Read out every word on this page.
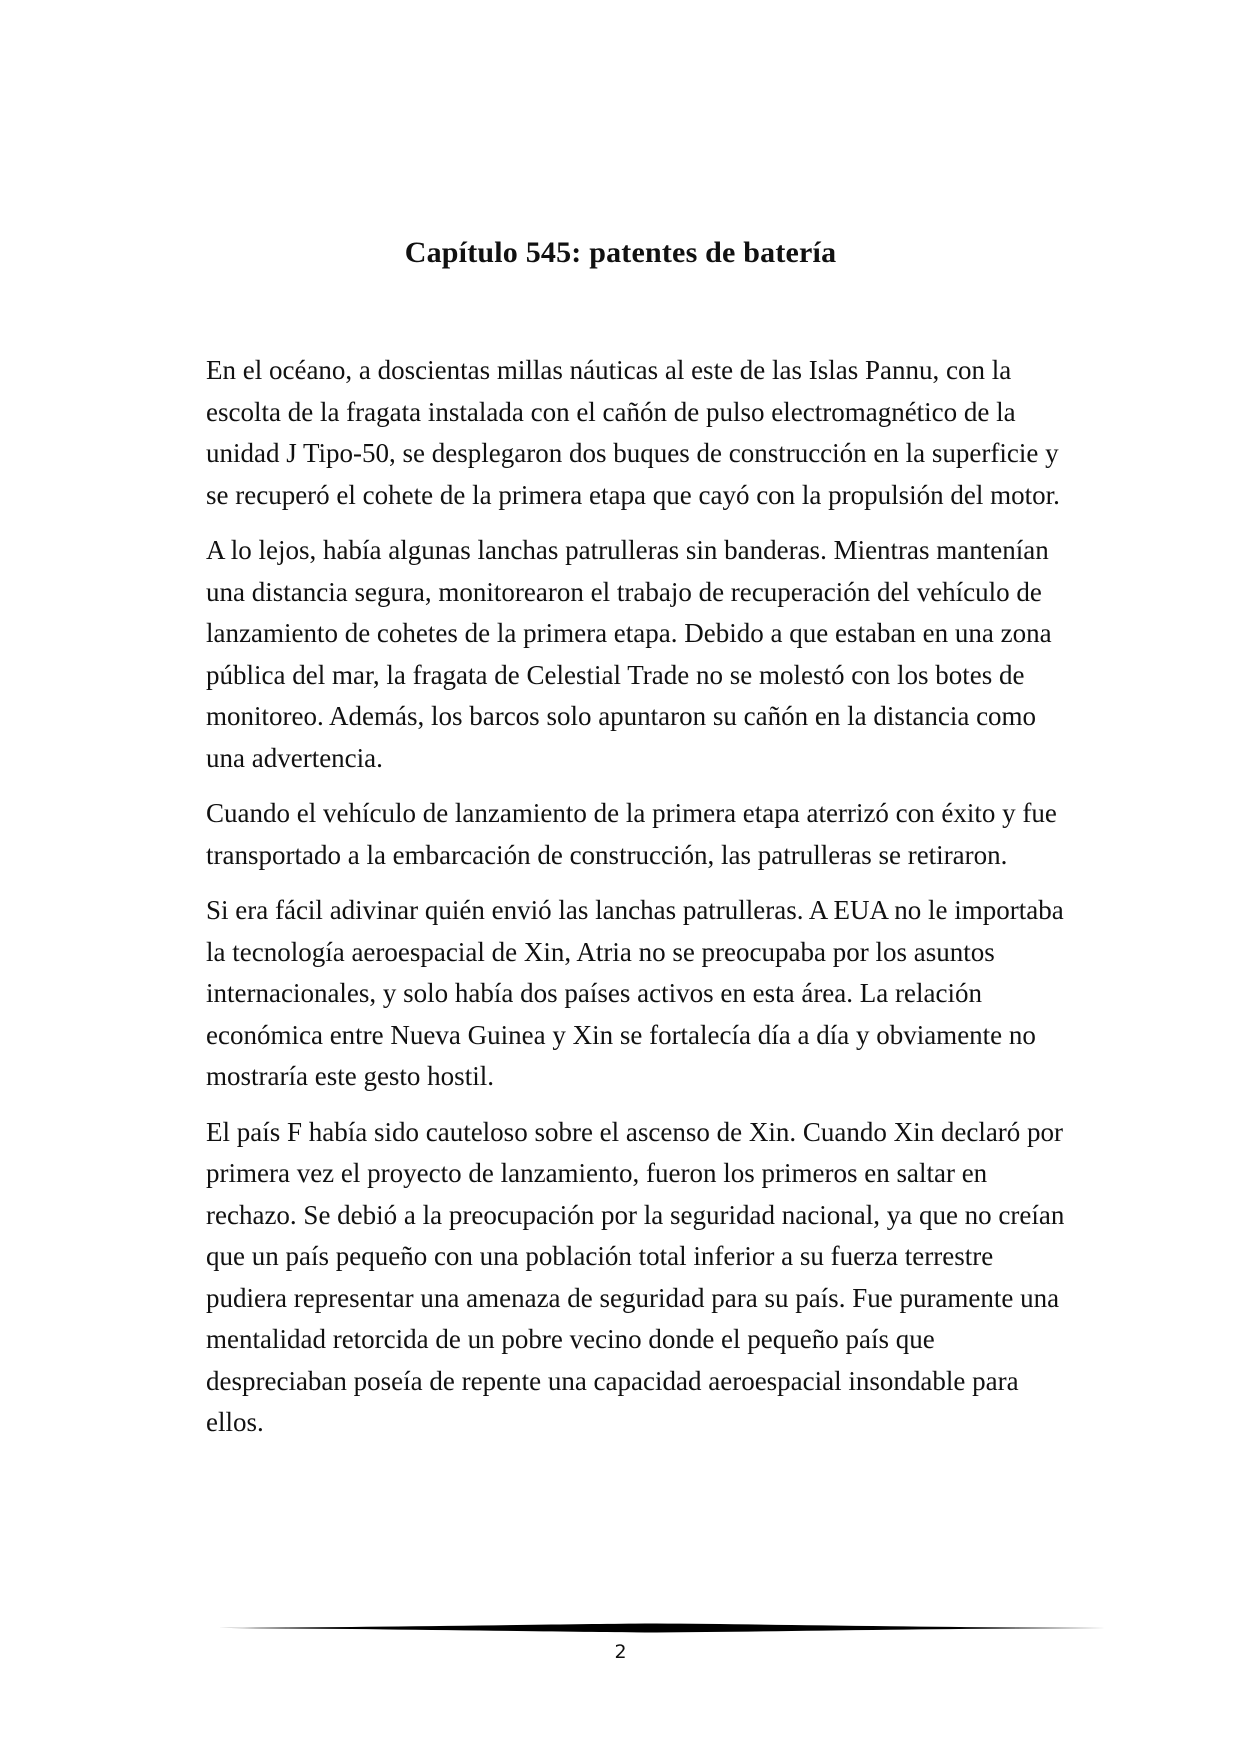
Capítulo 545: patentes de batería

En el océano, a doscientas millas náuticas al este de las Islas Pannu, con la escolta de la fragata instalada con el cañón de pulso electromagnético de la unidad J Tipo-50, se desplegaron dos buques de construcción en la superficie y se recuperó el cohete de la primera etapa que cayó con la propulsión del motor.

A lo lejos, había algunas lanchas patrulleras sin banderas. Mientras mantenían una distancia segura, monitorearon el trabajo de recuperación del vehículo de lanzamiento de cohetes de la primera etapa. Debido a que estaban en una zona pública del mar, la fragata de Celestial Trade no se molestó con los botes de monitoreo. Además, los barcos solo apuntaron su cañón en la distancia como una advertencia.

Cuando el vehículo de lanzamiento de la primera etapa aterrizó con éxito y fue transportado a la embarcación de construcción, las patrulleras se retiraron.

Si era fácil adivinar quién envió las lanchas patrulleras. A EUA no le importaba la tecnología aeroespacial de Xin, Atria no se preocupaba por los asuntos internacionales, y solo había dos países activos en esta área. La relación económica entre Nueva Guinea y Xin se fortalecía día a día y obviamente no mostraría este gesto hostil.

El país F había sido cauteloso sobre el ascenso de Xin. Cuando Xin declaró por primera vez el proyecto de lanzamiento, fueron los primeros en saltar en rechazo. Se debió a la preocupación por la seguridad nacional, ya que no creían que un país pequeño con una población total inferior a su fuerza terrestre pudiera representar una amenaza de seguridad para su país. Fue puramente una mentalidad retorcida de un pobre vecino donde el pequeño país que despreciaban poseía de repente una capacidad aeroespacial insondable para ellos.

2
